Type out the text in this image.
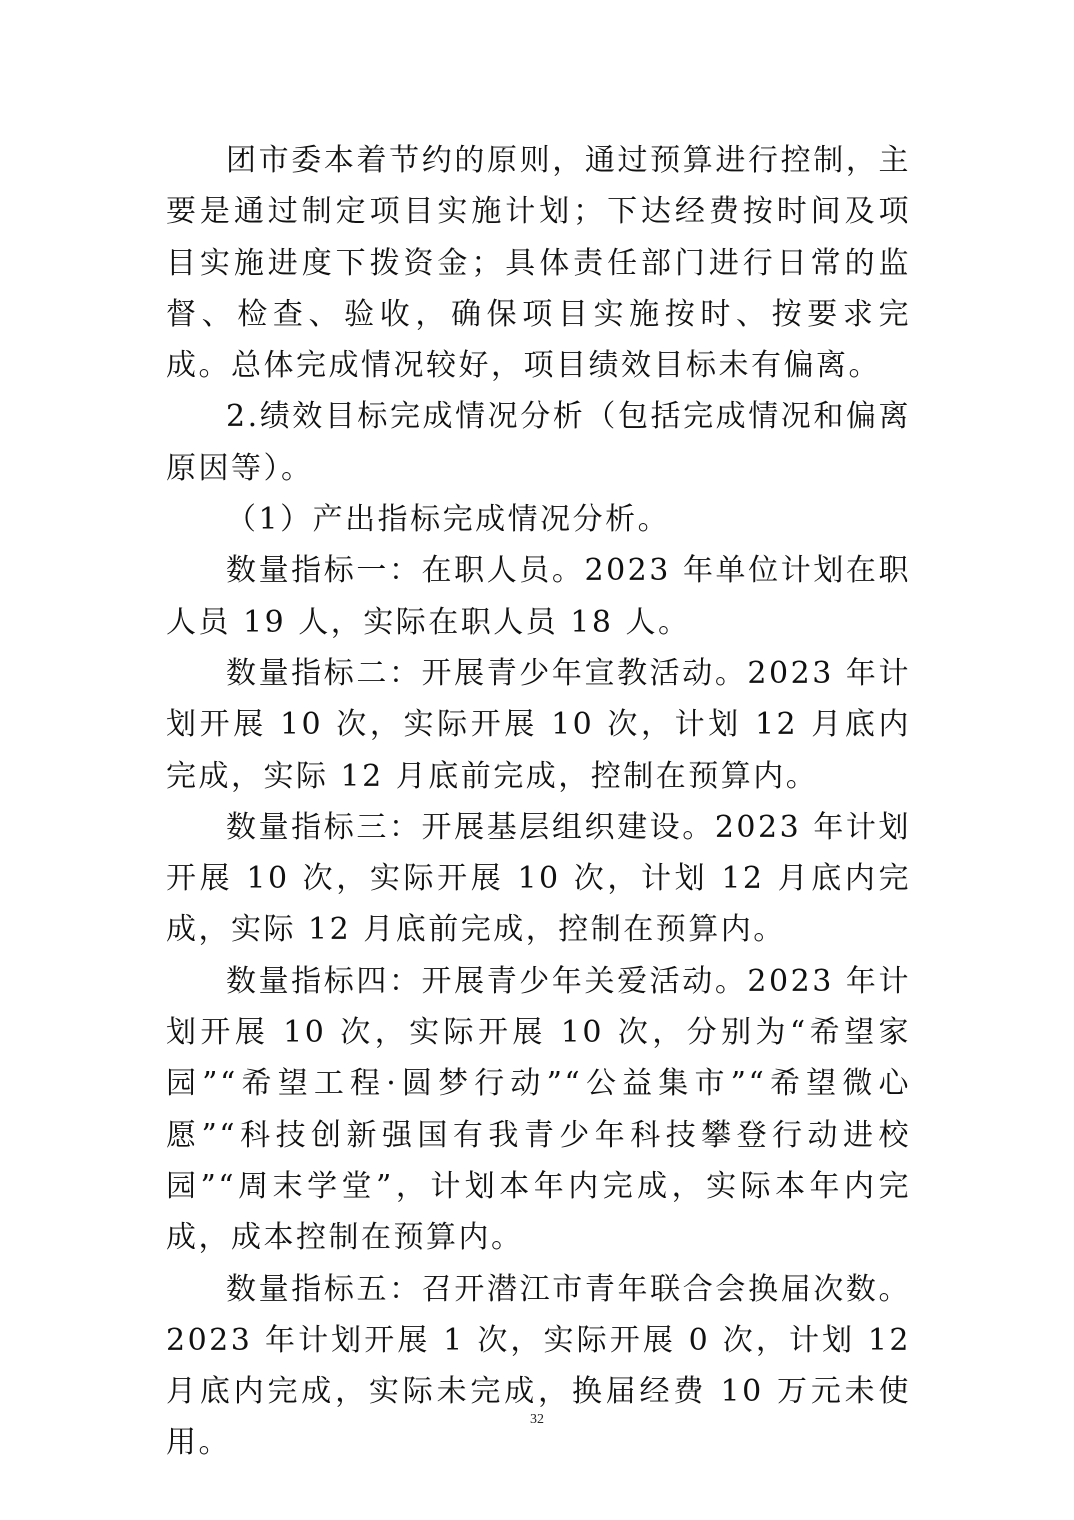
团市委本着节约的原则，通过预算进行控制，主要是通过制定项目实施计划；下达经费按时间及项目实施进度下拨资金；具体责任部门进行日常的监督、检查、验收，确保项目实施按时、按要求完成。总体完成情况较好，项目绩效目标未有偏离。

2.绩效目标完成情况分析（包括完成情况和偏离原因等）。

（1）产出指标完成情况分析。

数量指标一：在职人员。2023 年单位计划在职人员 19 人，实际在职人员 18 人。

数量指标二：开展青少年宣教活动。2023 年计划开展 10 次，实际开展 10 次，计划 12 月底内完成，实际 12 月底前完成，控制在预算内。

数量指标三：开展基层组织建设。2023 年计划开展 10 次，实际开展 10 次，计划 12 月底内完成，实际 12 月底前完成，控制在预算内。

数量指标四：开展青少年关爱活动。2023 年计划开展 10 次，实际开展 10 次，分别为“希望家园”“希望工程·圆梦行动”“公益集市”“希望微心愿”“科技创新强国有我青少年科技攀登行动进校园”“周末学堂”，计划本年内完成，实际本年内完成，成本控制在预算内。

数量指标五：召开潜江市青年联合会换届次数。2023 年计划开展 1 次，实际开展 0 次，计划 12 月底内完成，实际未完成，换届经费 10 万元未使用。

32
